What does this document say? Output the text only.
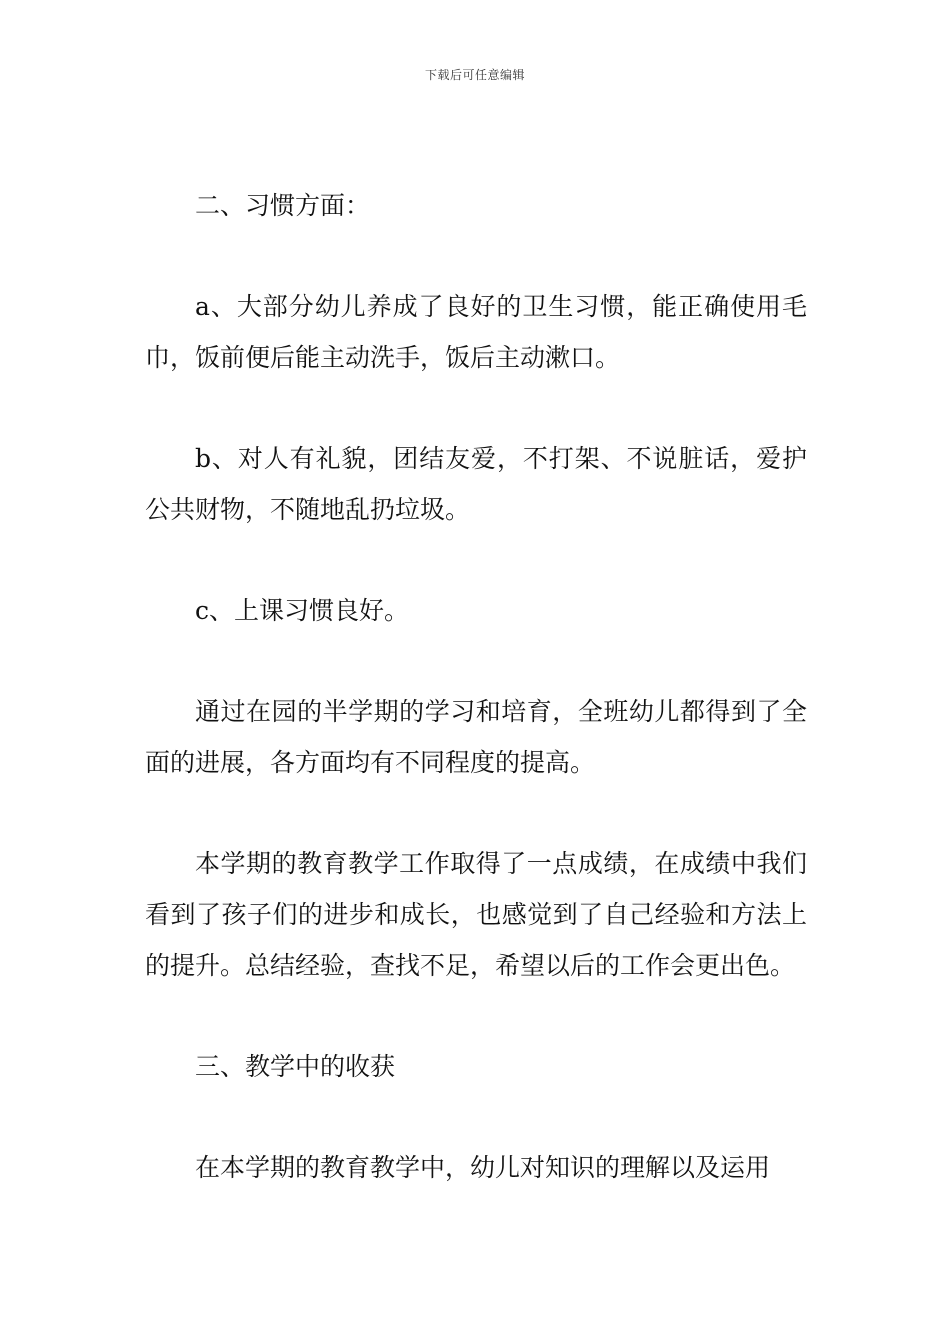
下载后可任意编辑

二、习惯方面：

a、大部分幼儿养成了良好的卫生习惯，能正确使用毛巾，饭前便后能主动洗手，饭后主动漱口。

b、对人有礼貌，团结友爱，不打架、不说脏话，爱护公共财物，不随地乱扔垃圾。

c、上课习惯良好。

通过在园的半学期的学习和培育，全班幼儿都得到了全面的进展，各方面均有不同程度的提高。

本学期的教育教学工作取得了一点成绩，在成绩中我们看到了孩子们的进步和成长，也感觉到了自己经验和方法上的提升。总结经验，查找不足，希望以后的工作会更出色。

三、教学中的收获

在本学期的教育教学中，幼儿对知识的理解以及运用
